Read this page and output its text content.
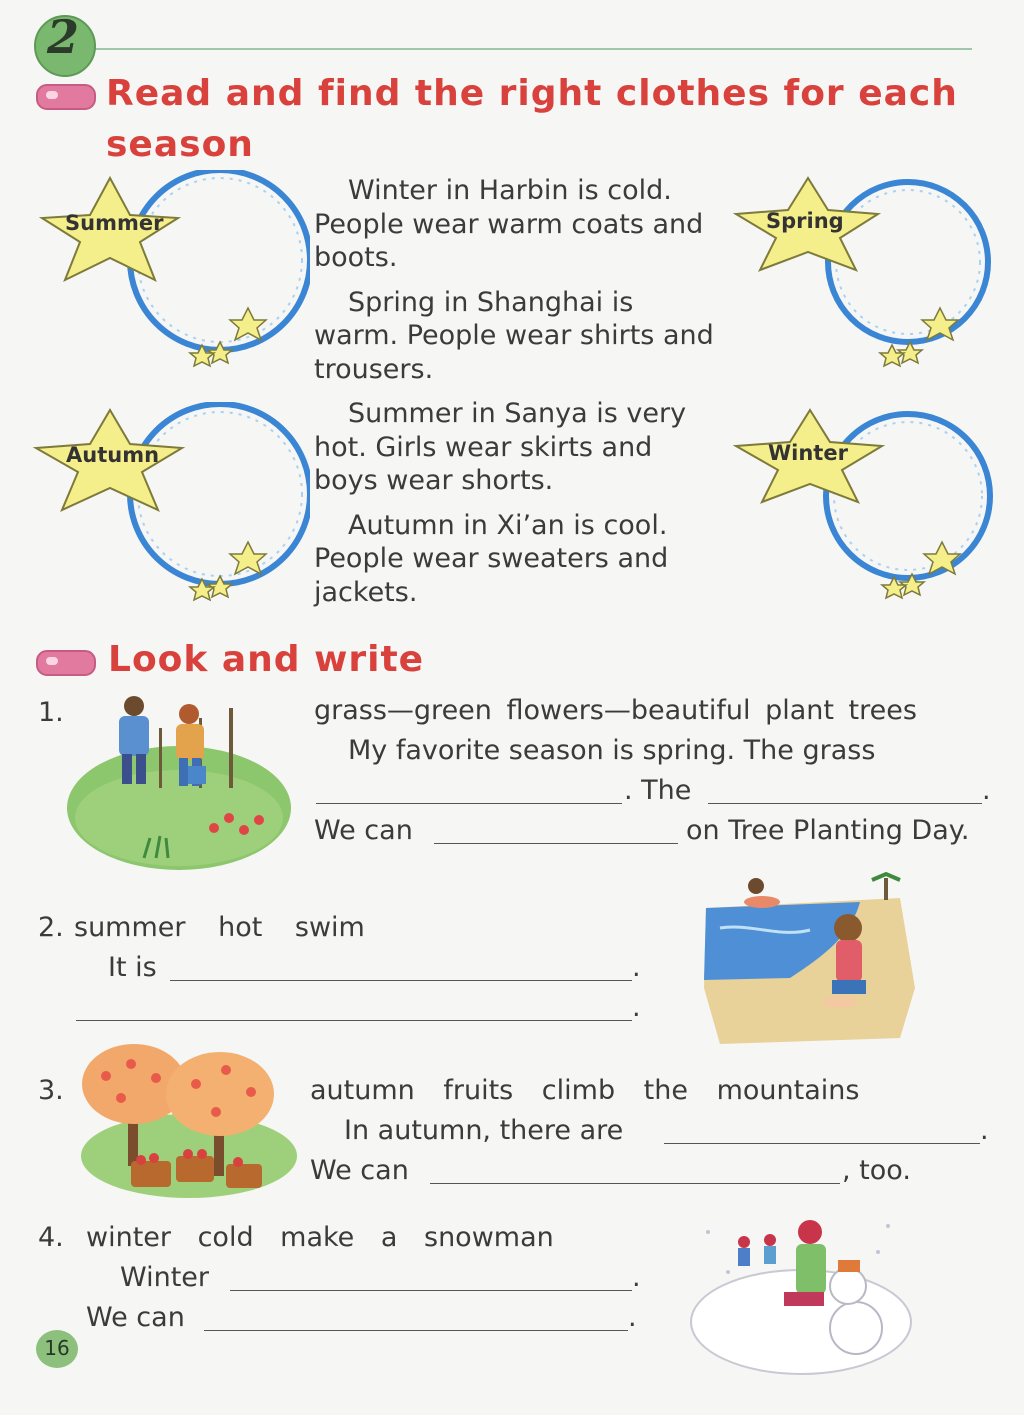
2
Read and find the right clothes for each
season
Summer	Spring
Autumn	Winter

Winter in Harbin is cold. People wear warm coats and boots.

Spring in Shanghai is warm. People wear shirts and trousers.

Summer in Sanya is very hot. Girls wear skirts and boys wear shorts.

Autumn in Xi’an is cool. People wear sweaters and jackets.

Look and write
1.	grass—green flowers—beautiful plant trees
My favorite season is spring. The grass
. The	.
We can	on Tree Planting Day.
2. summer hot swim
It is	.
.
3.	autumn fruits climb the mountains
In autumn, there are	.
We can	, too.
4. winter cold make a snowman
Winter	.
We can	.
16
